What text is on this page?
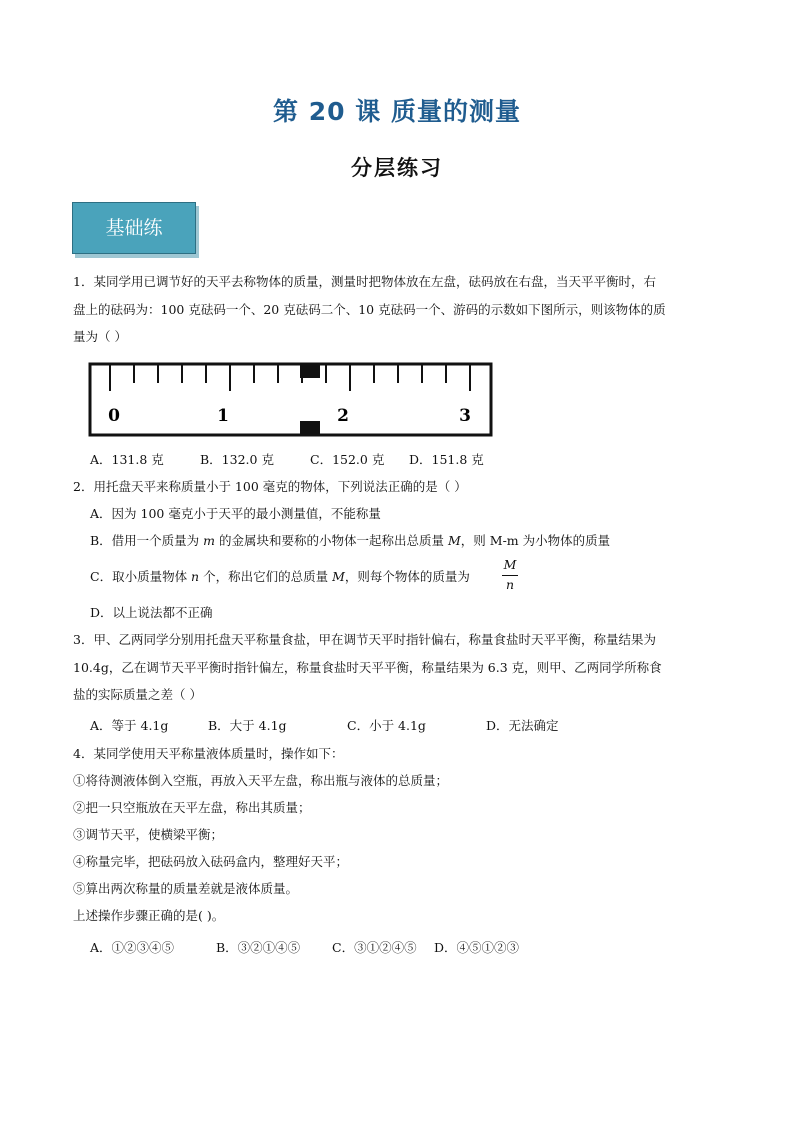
第 20 课 质量的测量
分层练习
基础练
1．某同学用已调节好的天平去称物体的质量，测量时把物体放在左盘，砝码放在右盘，当天平平衡时，右
盘上的砝码为：100 克砝码一个、20 克砝码二个、10 克砝码一个、游码的示数如下图所示，则该物体的质
量为（ ）
0	1	2	3
A．131.8 克	B．132.0 克	C．152.0 克 D．151.8 克
2．用托盘天平来称质量小于 100 毫克的物体，下列说法正确的是（ ）
A．因为 100 毫克小于天平的最小测量值，不能称量
B．借用一个质量为 m 的金属块和要称的小物体一起称出总质量 M，则 M-m 为小物体的质量
C．取小质量物体 n 个，称出它们的总质量 M，则每个物体的质量为
M
n
D．以上说法都不正确
3．甲、乙两同学分别用托盘天平称量食盐，甲在调节天平时指针偏右，称量食盐时天平平衡，称量结果为
10.4g，乙在调节天平平衡时指针偏左，称量食盐时天平平衡，称量结果为 6.3 克，则甲、乙两同学所称食
盐的实际质量之差（ ）
A．等于 4.1g	B．大于 4.1g	C．小于 4.1g	D．无法确定
4．某同学使用天平称量液体质量时，操作如下：
①将待测液体倒入空瓶，再放入天平左盘，称出瓶与液体的总质量；
②把一只空瓶放在天平左盘，称出其质量；
③调节天平，使横梁平衡；
④称量完毕，把砝码放入砝码盒内，整理好天平；
⑤算出两次称量的质量差就是液体质量。
上述操作步骤正确的是( )。
A．①②③④⑤	B．③②①④⑤	C．③①②④⑤ D．④⑤①②③
